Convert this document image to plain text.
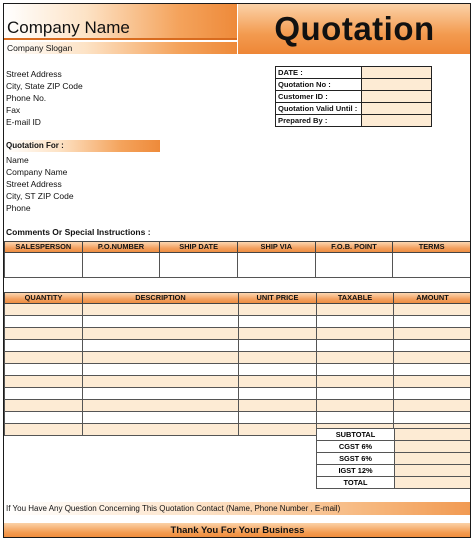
Company Name
Company Slogan
Quotation
Street Address
City, State ZIP Code
Phone No.
Fax
E-mail ID
DATE :	
Quotation No :	
Customer ID :	
Quotation Valid Until :	
Prepared By :	
Quotation For :
Name
Company Name
Street Address
City, ST ZIP Code
Phone
Comments Or Special Instructions :
SALESPERSON	P.O.NUMBER	SHIP DATE	SHIP VIA	F.O.B. POINT	TERMS

QUANTITY	DESCRIPTION	UNIT PRICE	TAXABLE	AMOUNT

SUBTOTAL	
CGST 6%	
SGST 6%	
IGST 12%	
TOTAL	
If You Have Any Question Concerning This Quotation Contact (Name, Phone Number , E-mail)
Thank You For Your Business
